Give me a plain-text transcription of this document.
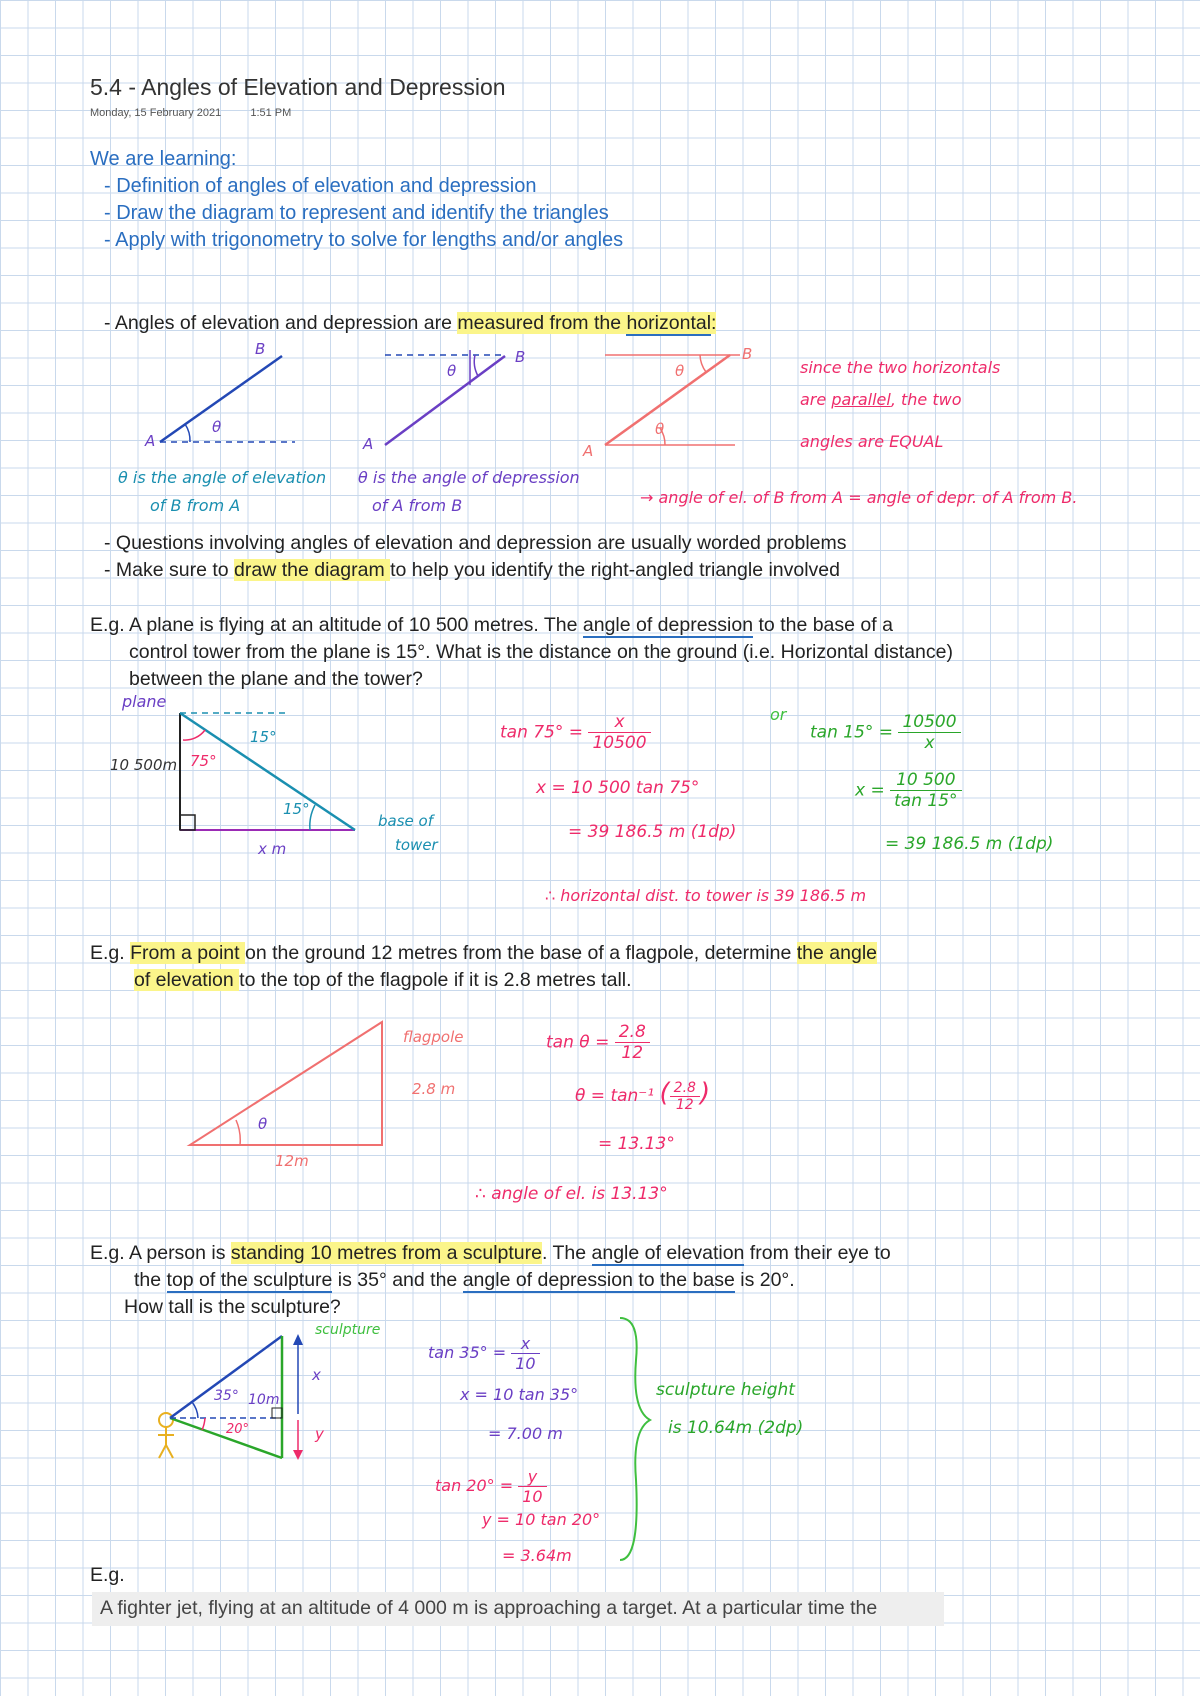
5.4 - Angles of Elevation and Depression
Monday, 15 February 2021	1:51 PM
We are learning:
- Definition of angles of elevation and depression
- Draw the diagram to represent and identify the triangles
- Apply with trigonometry to solve for lengths and/or angles
- Angles of elevation and depression are measured from the horizontal:
B
A
θ
B
A
θ
B
A
θ
θ
θ is the angle of elevation
of B from A
θ is the angle of depression
of A from B
since the two horizontals
are parallel, the two
angles are EQUAL
→ angle of el. of B from A = angle of depr. of A from B.
- Questions involving angles of elevation and depression are usually worded problems
- Make sure to draw the diagram to help you identify the right-angled triangle involved
E.g. A plane is flying at an altitude of 10 500 metres. The angle of depression to the base of a
control tower from the plane is 15°. What is the distance on the ground (i.e. Horizontal distance)
between the plane and the tower?
plane
10 500m 75°
15°
15°
x m
base of
tower
$\tan 75^\circ = \frac{x}{10500}$
x = 10 500 tan 75°
= 39 186.5 m (1dp)
or
$\tan 15^\circ = \frac{10500}{x}$
$x = \frac{10 500}{\tan 15^\circ}$
= 39 186.5 m (1dp)
∴ horizontal dist. to tower is 39 186.5 m
E.g. From a point on the ground 12 metres from the base of a flagpole, determine the angle
of elevation to the top of the flagpole if it is 2.8 metres tall.
flagpole
2.8 m
12m
θ
$\tan \theta = \frac{2.8}{12}$
θ = tan⁻¹ ( $\frac{2.8}{12}$ )
= 13.13°
∴ angle of el. is 13.13°
E.g. A person is standing 10 metres from a sculpture. The angle of elevation from their eye to
the top of the sculpture is 35° and the angle of depression to the base is 20°.
How tall is the sculpture?
sculpture
x
y
35° 10m
20°
$\tan 35^\circ = \frac{x}{10}$
x = 10 tan 35°
= 7.00 m
$\tan 20^\circ = \frac{y}{10}$
y = 10 tan 20°
= 3.64m
sculpture height
is 10.64m (2dp)
E.g.
A fighter jet, flying at an altitude of 4 000 m is approaching a target. At a particular time the
